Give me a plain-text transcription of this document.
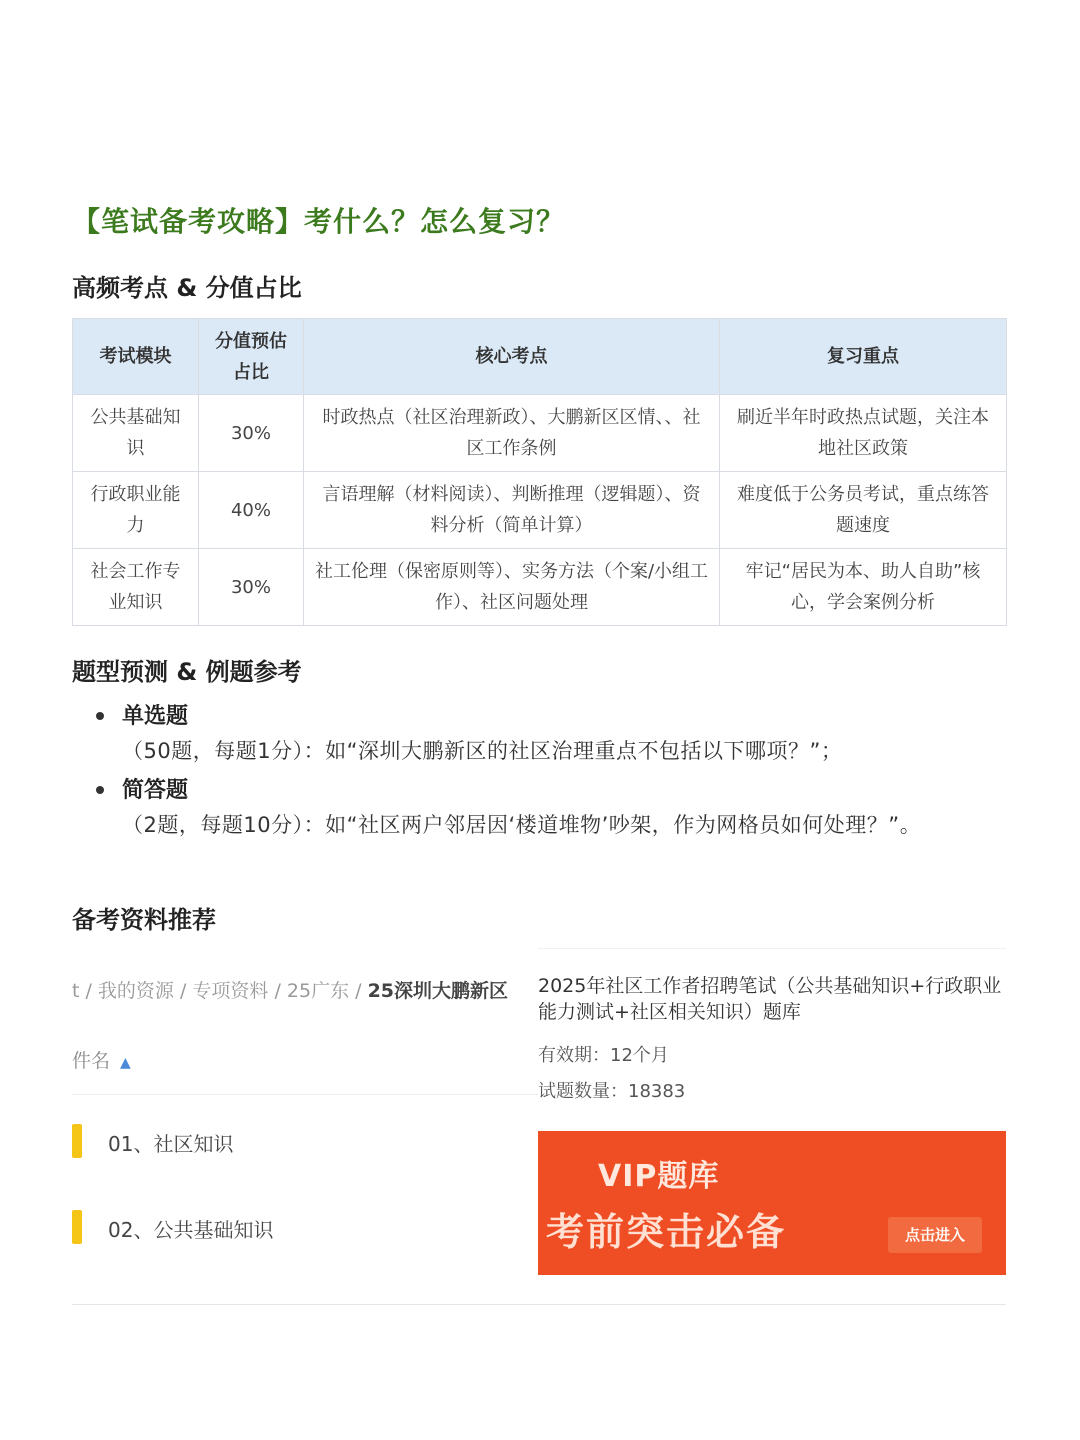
【笔试备考攻略】考什么？怎么复习？
高频考点 & 分值占比
考试模块	分值预估占比	核心考点	复习重点
公共基础知识	30%	时政热点（社区治理新政）、大鹏新区区情、、社区工作条例	刷近半年时政热点试题，关注本地社区政策
行政职业能力	40%	言语理解（材料阅读）、判断推理（逻辑题）、资料分析（简单计算）	难度低于公务员考试，重点练答题速度
社会工作专业知识	30%	社工伦理（保密原则等）、实务方法（个案/小组工作）、社区问题处理	牢记“居民为本、助人自助”核心，学会案例分析
题型预测 & 例题参考
单选题
（50题，每题1分）：如“深圳大鹏新区的社区治理重点不包括以下哪项？”；
简答题
（2题，每题10分）：如“社区两户邻居因‘楼道堆物’吵架，作为网格员如何处理？”。
备考资料推荐
t / 我的资源 / 专项资料 / 25广东 / 25深圳大鹏新区
件名 ▲
01、社区知识
02、公共基础知识
2025年社区工作者招聘笔试（公共基础知识+行政职业能力测试+社区相关知识）题库
有效期：12个月
试题数量：18383
VIP题库
考前突击必备	点击进入
